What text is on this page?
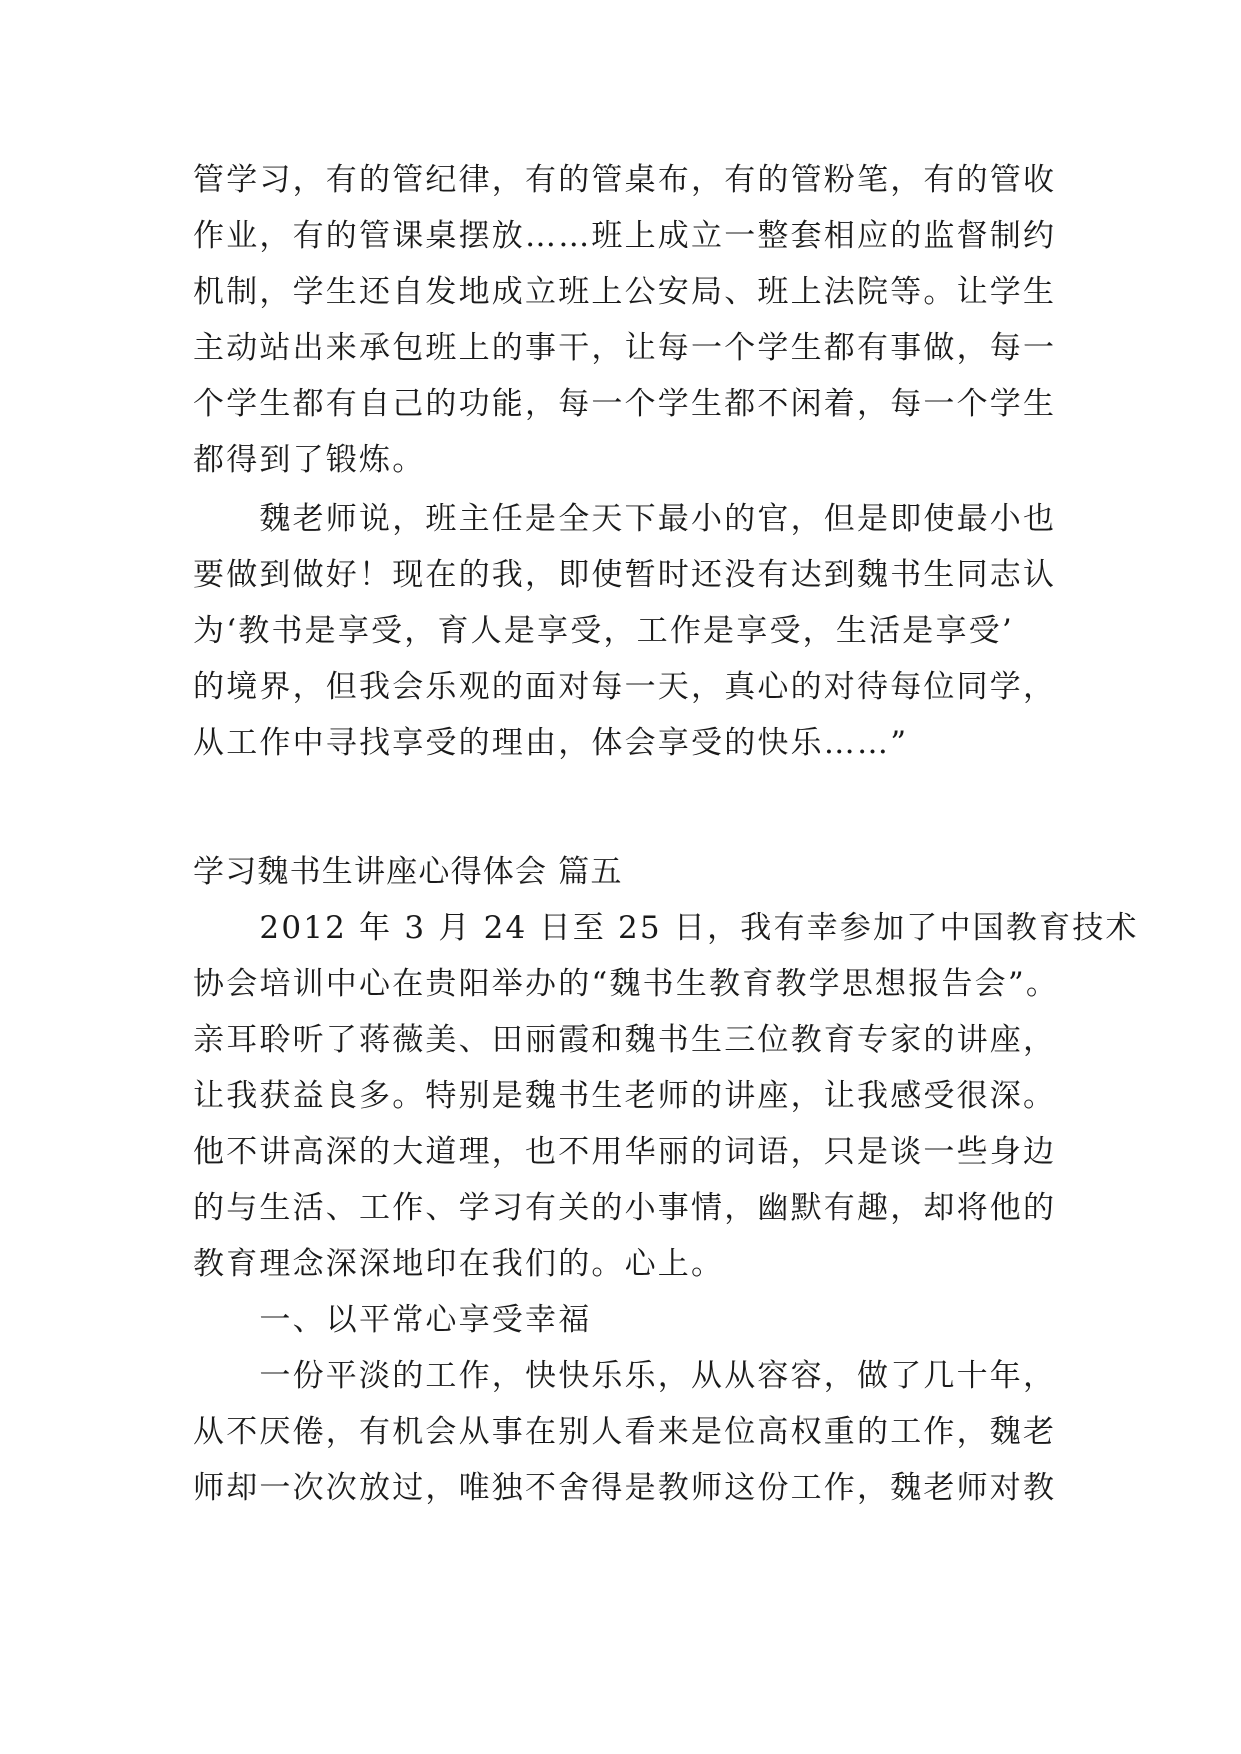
管学习，有的管纪律，有的管桌布，有的管粉笔，有的管收
作业，有的管课桌摆放……班上成立一整套相应的监督制约
机制，学生还自发地成立班上公安局、班上法院等。让学生
主动站出来承包班上的事干，让每一个学生都有事做，每一
个学生都有自己的功能，每一个学生都不闲着，每一个学生
都得到了锻炼。
　　魏老师说，班主任是全天下最小的官，但是即使最小也
要做到做好！现在的我，即使暂时还没有达到魏书生同志认
为‘教书是享受，育人是享受，工作是享受，生活是享受’
的境界，但我会乐观的面对每一天，真心的对待每位同学，
从工作中寻找享受的理由，体会享受的快乐……”
学习魏书生讲座心得体会 篇五
　　2012 年 3 月 24 日至 25 日，我有幸参加了中国教育技术
协会培训中心在贵阳举办的“魏书生教育教学思想报告会”。
亲耳聆听了蒋薇美、田丽霞和魏书生三位教育专家的讲座，
让我获益良多。特别是魏书生老师的讲座，让我感受很深。
他不讲高深的大道理，也不用华丽的词语，只是谈一些身边
的与生活、工作、学习有关的小事情，幽默有趣，却将他的
教育理念深深地印在我们的。心上。
　　一、以平常心享受幸福
　　一份平淡的工作，快快乐乐，从从容容，做了几十年，
从不厌倦，有机会从事在别人看来是位高权重的工作，魏老
师却一次次放过，唯独不舍得是教师这份工作，魏老师对教
